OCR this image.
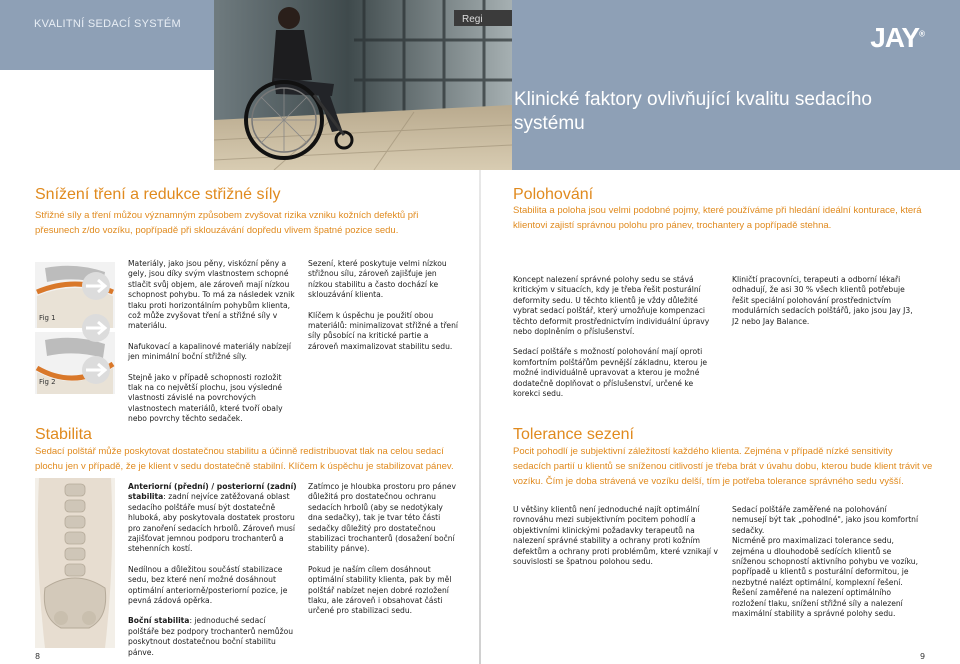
KVALITNÍ SEDACÍ SYSTÉM	JAY®
Regi
Klinické faktory ovlivňující kvalitu sedacího systému
Snížení tření a redukce střižné síly
Střižné síly a tření můžou významným způsobem zvyšovat rizika vzniku kožních defektů při přesunech z/do vozíku, popřípadě při sklouzávání dopředu vlivem špatné pozice sedu.
Fig 1
Fig 2

Materiály, jako jsou pěny, viskózní pěny a gely, jsou díky svým vlastnostem schopné stlačit svůj objem, ale zároveň mají nízkou schopnost pohybu. To má za následek vznik tlaku proti horizontálním pohybům klienta, což může zvyšovat tření a střižné síly v materiálu.

Nafukovací a kapalinové materiály nabízejí jen minimální boční střižné síly.

Stejně jako v případě schopnosti rozložit tlak na co největší plochu, jsou výsledné vlastnosti závislé na povrchových vlastnostech materiálů, které tvoří obaly nebo povrchy těchto sedaček.

Sezení, které poskytuje velmi nízkou střižnou sílu, zároveň zajišťuje jen nízkou stabilitu a často dochází ke sklouzávání klienta.

Klíčem k úspěchu je použití obou materiálů: minimalizovat střižné a tření síly působící na kritické partie a zároveň maximalizovat stabilitu sedu.

Stabilita
Sedací polštář může poskytovat dostatečnou stabilitu a účinně redistribuovat tlak na celou sedací plochu jen v případě, že je klient v sedu dostatečně stabilní. Klíčem k úspěchu je stabilizovat pánev.

Anteriorní (přední) / posteriorní (zadní) stabilita: zadní nejvíce zatěžovaná oblast sedacího polštáře musí být dostatečně hluboká, aby poskytovala dostatek prostoru pro zanoření sedacích hrbolů. Zároveň musí zajišťovat jemnou podporu trochanterů a stehenních kostí.

Nedílnou a důležitou součástí stabilizace sedu, bez které není možné dosáhnout optimální anteriorně/posteriorní pozice, je pevná zádová opěrka.

Boční stabilita: jednoduché sedací polštáře bez podpory trochanterů nemůžou poskytnout dostatečnou boční stabilitu pánve.

Zatímco je hloubka prostoru pro pánev důležitá pro dostatečnou ochranu sedacích hrbolů (aby se nedotýkaly dna sedačky), tak je tvar této části sedačky důležitý pro dostatečnou stabilizaci trochanterů (dosažení boční stability pánve).

Pokud je naším cílem dosáhnout optimální stability klienta, pak by měl polštář nabízet nejen dobré rozložení tlaku, ale zároveň i obsahovat části určené pro stabilizaci sedu.

8
Polohování
Stabilita a poloha jsou velmi podobné pojmy, které používáme při hledání ideální konturace, která klientovi zajistí správnou polohu pro pánev, trochantery a popřípadě stehna.

Koncept nalezení správné polohy sedu se stává kritickým v situacích, kdy je třeba řešit posturální deformity sedu. U těchto klientů je vždy důležité vybrat sedací polštář, který umožňuje kompenzaci těchto deformit prostřednictvím individuální úpravy nebo doplněním o příslušenství.

Sedací polštáře s možností polohování mají oproti komfortním polštářům pevnější základnu, kterou je možné individuálně upravovat a kterou je možné dodatečně doplňovat o příslušenství, určené ke korekci sedu.

Kliničtí pracovníci, terapeuti a odborní lékaři odhadují, že asi 30 % všech klientů potřebuje řešit speciální polohování prostřednictvím modulárních sedacích polštářů, jako jsou Jay J3, J2 nebo Jay Balance.

Tolerance sezení
Pocit pohodlí je subjektivní záležitostí každého klienta. Zejména v případě nízké sensitivity sedacích partií u klientů se sníženou citlivostí je třeba brát v úvahu dobu, kterou bude klient trávit ve vozíku. Čím je doba strávená ve vozíku delší, tím je potřeba tolerance správného sedu vyšší.

U většiny klientů není jednoduché najít optimální rovnováhu mezi subjektivním pocitem pohodlí a objektivními klinickými požadavky terapeutů na nalezení správné stability a ochrany proti kožním defektům a ochrany proti problémům, které vznikají v souvislosti se špatnou polohou sedu.

Sedací polštáře zaměřené na polohování nemusejí být tak „pohodlné", jako jsou komfortní sedačky.

Nicméně pro maximalizaci tolerance sedu, zejména u dlouhodobě sedících klientů se sníženou schopností aktivního pohybu ve vozíku, popřípadě u klientů s posturální deformitou, je nezbytné nalézt optimální, komplexní řešení.

Řešení zaměřené na nalezení optimálního rozložení tlaku, snížení střižné síly a nalezení maximální stability a správné polohy sedu.

9
